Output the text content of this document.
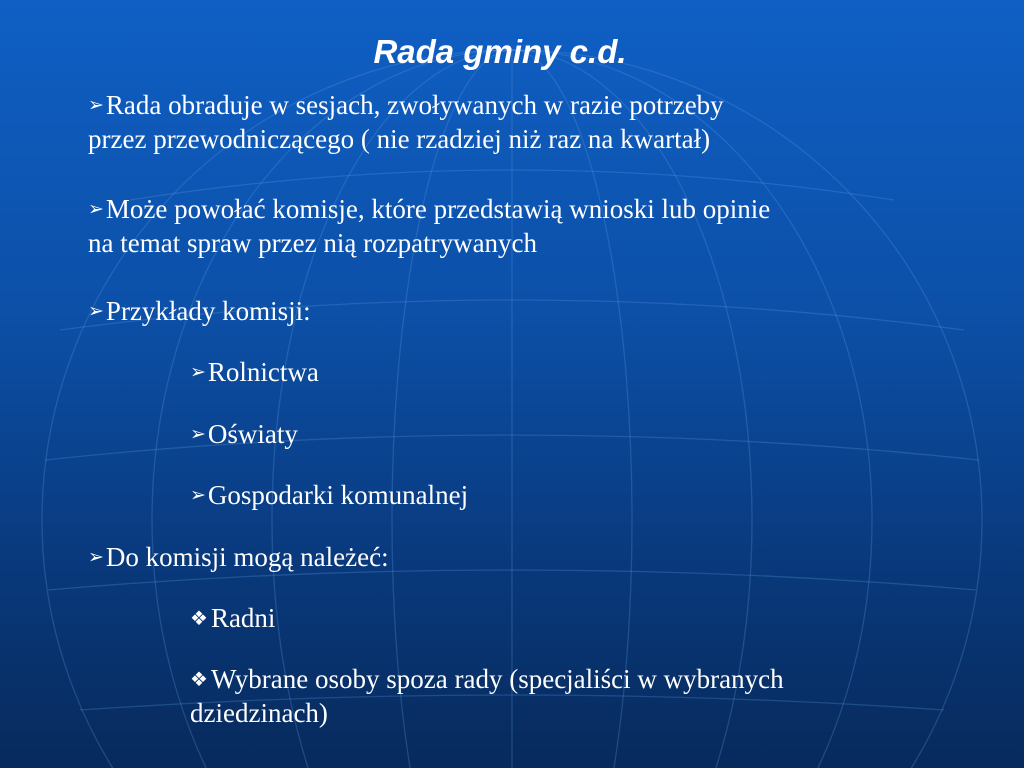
Rada gminy c.d.

➢Rada obraduje w sesjach, zwoływanych w razie potrzeby
przez przewodniczącego ( nie rzadziej niż raz na kwartał)

➢Może powołać komisje, które przedstawią wnioski lub opinie
na temat spraw przez nią rozpatrywanych

➢Przykłady komisji:

➢Rolnictwa

➢Oświaty

➢Gospodarki komunalnej

➢Do komisji mogą należeć:

❖ Radni

❖ Wybrane osoby spoza rady (specjaliści w wybranych
dziedzinach)
